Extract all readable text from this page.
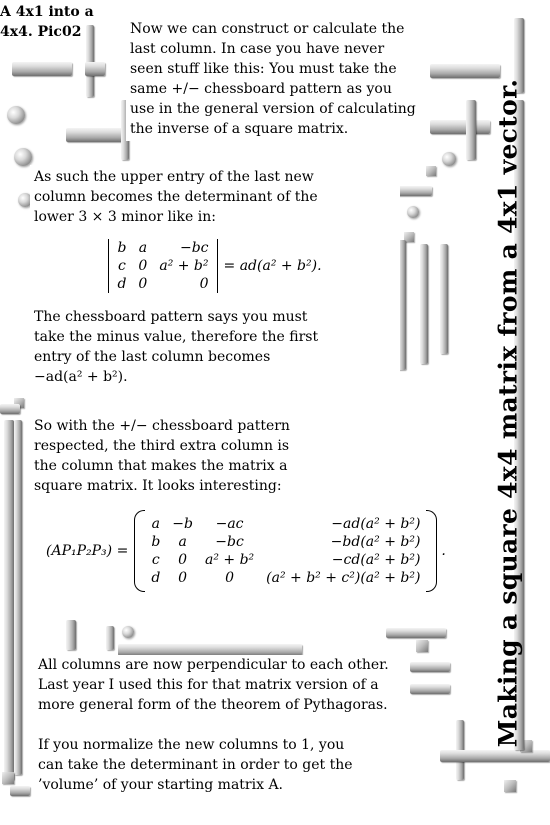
A 4x1 into a 4x4. Pic02
Making a square 4x4 matrix from a 4x1 vector.

Now we can construct or calculate the last column. In case you have never seen stuff like this: You must take the same +/− chessboard pattern as you use in the general version of calculating the inverse of a square matrix.

As such the upper entry of the last new column becomes the determinant of the lower 3 × 3 minor like in:

b	a	−bc
c	0	a² + b²
d	0	0
= ad(a² + b²).

The chessboard pattern says you must take the minus value, therefore the first entry of the last column becomes −ad(a² + b²).

So with the +/− chessboard pattern respected, the third extra column is the column that makes the matrix a square matrix. It looks interesting:

(AP₁P₂P₃) =
a	−b	−ac	−ad(a² + b²)
b	a	−bc	−bd(a² + b²)
c	0	a² + b²	−cd(a² + b²)
d	0	0	(a² + b² + c²)(a² + b²)
.

All columns are now perpendicular to each other. Last year I used this for that matrix version of a more general form of the theorem of Pythagoras.

If you normalize the new columns to 1, you can take the determinant in order to get the ’volume’ of your starting matrix A.
